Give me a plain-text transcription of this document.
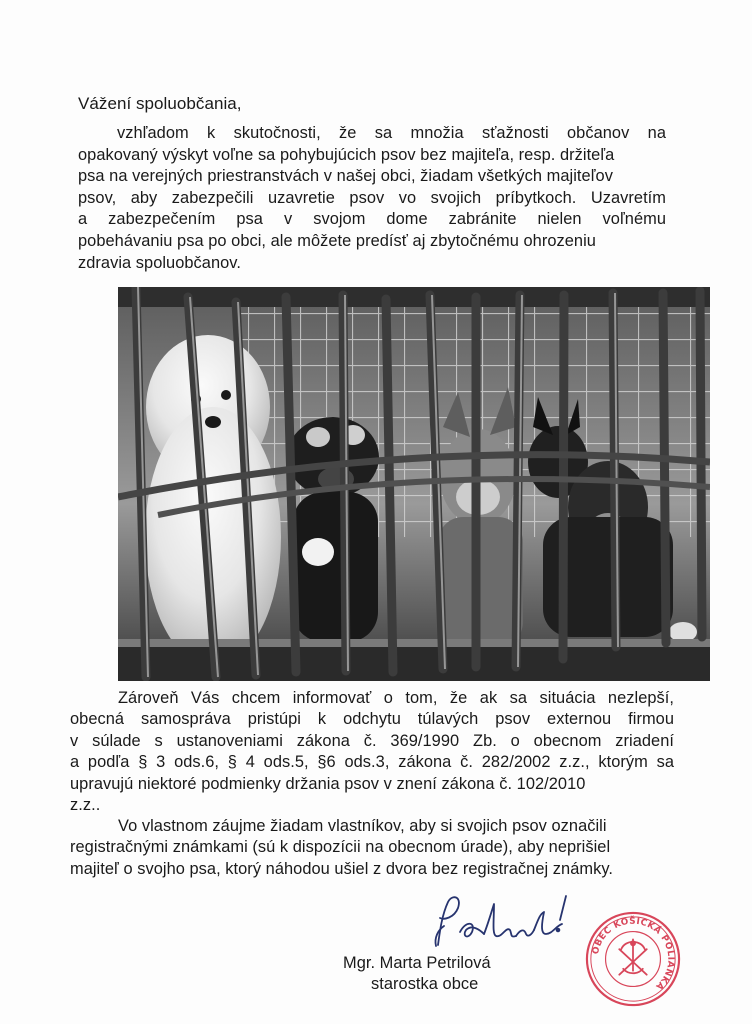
Vážení spoluobčania,
vzhľadom k skutočnosti, že sa množia sťažnosti občanov na
opakovaný výskyt voľne sa pohybujúcich psov bez majiteľa, resp. držiteľa
psa na verejných priestranstvách v našej obci, žiadam všetkých majiteľov
psov, aby zabezpečili uzavretie psov vo svojich príbytkoch. Uzavretím
a zabezpečením psa v svojom dome zabránite nielen voľnému
pobehávaniu psa po obci, ale môžete predísť aj zbytočnému ohrozeniu
zdravia spoluobčanov.
Zároveň Vás chcem informovať o tom, že ak sa situácia nezlepší,
obecná samospráva pristúpi k odchytu túlavých psov externou firmou
v súlade s ustanoveniami zákona č. 369/1990 Zb. o obecnom zriadení
a podľa § 3 ods.6, § 4 ods.5, §6 ods.3, zákona č. 282/2002 z.z., ktorým sa
upravujú niektoré podmienky držania psov v znení zákona č. 102/2010
z.z..
Vo vlastnom záujme žiadam vlastníkov, aby si svojich psov označili
registračnými známkami (sú k dispozícii na obecnom úrade), aby neprišiel
majiteľ o svojho psa, ktorý náhodou ušiel z dvora bez registračnej známky.
Mgr. Marta Petrilová
starostka obce
OBEC KOŠICKÁ POLIANKA
